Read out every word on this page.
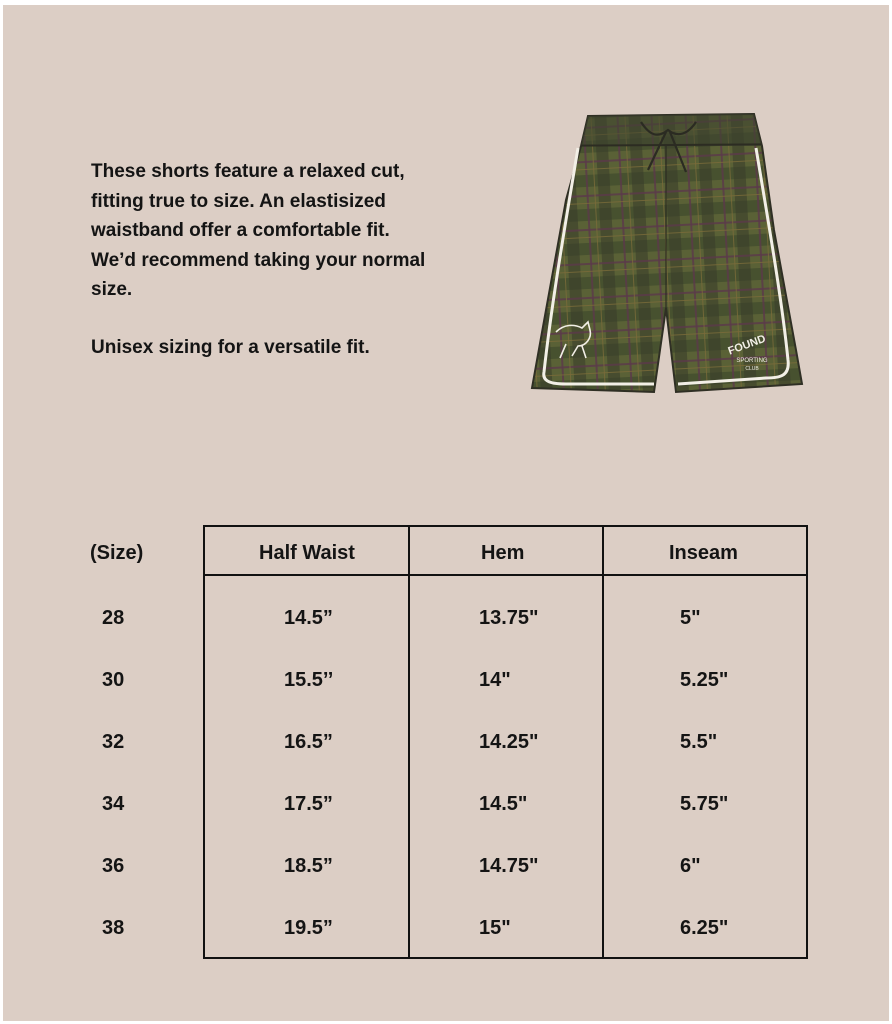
These shorts feature a relaxed cut,
fitting true to size. An elastisized
waistband offer a comfortable fit.
We’d recommend taking your normal
size.

Unisex sizing for a versatile fit.	FOUND
SPORTING
CLUB
(Size)	Half Waist	Hem	Inseam
28	14.5”	13.75"	5"
30	15.5’’	14"	5.25"
32	16.5”	14.25"	5.5"
34	17.5”	14.5"	5.75"
36	18.5”	14.75"	6"
38	19.5”	15"	6.25"
